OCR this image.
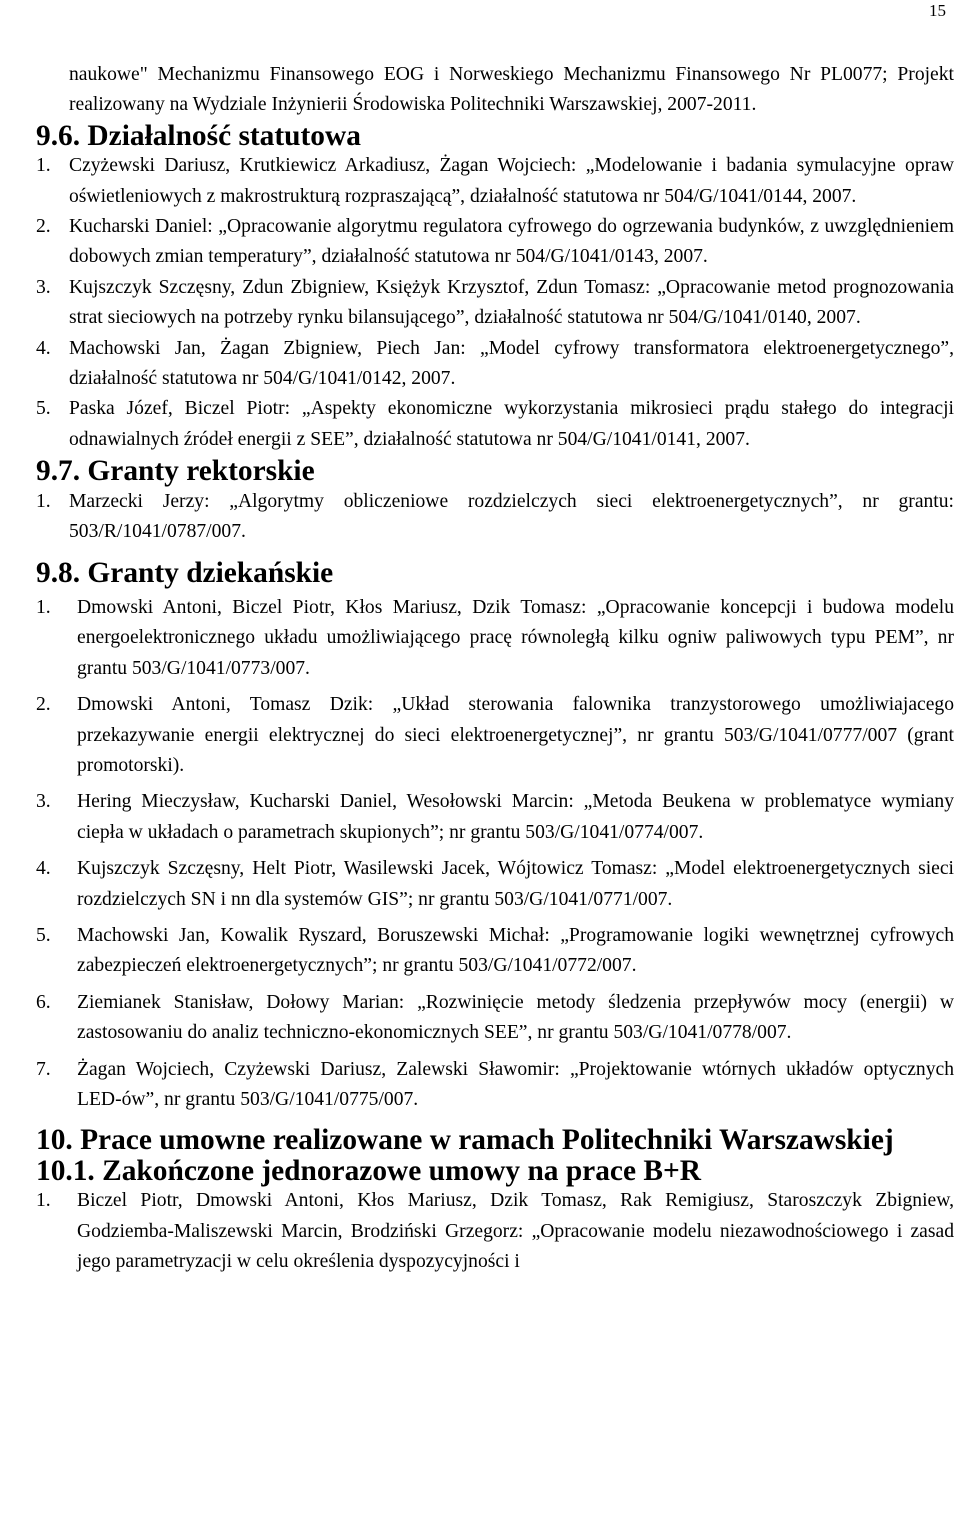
15

naukowe" Mechanizmu Finansowego EOG i Norweskiego Mechanizmu Finansowego Nr PL0077; Projekt realizowany na Wydziale Inżynierii Środowiska Politechniki Warszawskiej, 2007-2011.

9.6. Działalność statutowa
1. Czyżewski Dariusz, Krutkiewicz Arkadiusz, Żagan Wojciech: „Modelowanie i badania symulacyjne opraw oświetleniowych z makrostrukturą rozpraszającą”, działalność statutowa nr 504/G/1041/0144, 2007.
2. Kucharski Daniel: „Opracowanie algorytmu regulatora cyfrowego do ogrzewania budynków, z uwzględnieniem dobowych zmian temperatury”, działalność statutowa nr 504/G/1041/0143, 2007.
3. Kujszczyk Szczęsny, Zdun Zbigniew, Księżyk Krzysztof, Zdun Tomasz: „Opracowanie metod prognozowania strat sieciowych na potrzeby rynku bilansującego”, działalność statutowa nr 504/G/1041/0140, 2007.
4. Machowski Jan, Żagan Zbigniew, Piech Jan: „Model cyfrowy transformatora elektroenergetycznego”, działalność statutowa nr 504/G/1041/0142, 2007.
5. Paska Józef, Biczel Piotr: „Aspekty ekonomiczne wykorzystania mikrosieci prądu stałego do integracji odnawialnych źródeł energii z SEE”, działalność statutowa nr 504/G/1041/0141, 2007.
9.7. Granty rektorskie
1. Marzecki Jerzy: „Algorytmy obliczeniowe rozdzielczych sieci elektroenergetycznych”, nr grantu: 503/R/1041/0787/007.
9.8. Granty dziekańskie
1. Dmowski Antoni, Biczel Piotr, Kłos Mariusz, Dzik Tomasz: „Opracowanie koncepcji i budowa modelu energoelektronicznego układu umożliwiającego pracę równoległą kilku ogniw paliwowych typu PEM”, nr grantu 503/G/1041/0773/007.
2. Dmowski Antoni, Tomasz Dzik: „Układ sterowania falownika tranzystorowego umożliwiajacego przekazywanie energii elektrycznej do sieci elektroenergetycznej”, nr grantu 503/G/1041/0777/007 (grant promotorski).
3. Hering Mieczysław, Kucharski Daniel, Wesołowski Marcin: „Metoda Beukena w problematyce wymiany ciepła w układach o parametrach skupionych”; nr grantu 503/G/1041/0774/007.
4. Kujszczyk Szczęsny, Helt Piotr, Wasilewski Jacek, Wójtowicz Tomasz: „Model elektroenergetycznych sieci rozdzielczych SN i nn dla systemów GIS”; nr grantu 503/G/1041/0771/007.
5. Machowski Jan, Kowalik Ryszard, Boruszewski Michał: „Programowanie logiki wewnętrznej cyfrowych zabezpieczeń elektroenergetycznych”; nr grantu 503/G/1041/0772/007.
6. Ziemianek Stanisław, Dołowy Marian: „Rozwinięcie metody śledzenia przepływów mocy (energii) w zastosowaniu do analiz techniczno-ekonomicznych SEE”, nr grantu 503/G/1041/0778/007.
7. Żagan Wojciech, Czyżewski Dariusz, Zalewski Sławomir: „Projektowanie wtórnych układów optycznych LED-ów”, nr grantu 503/G/1041/0775/007.
10. Prace umowne realizowane w ramach Politechniki Warszawskiej
10.1. Zakończone jednorazowe umowy na prace B+R
1. Biczel Piotr, Dmowski Antoni, Kłos Mariusz, Dzik Tomasz, Rak Remigiusz, Staroszczyk Zbigniew, Godziemba-Maliszewski Marcin, Brodziński Grzegorz: „Opracowanie modelu niezawodnościowego i zasad jego parametryzacji w celu określenia dyspozycyjności i
